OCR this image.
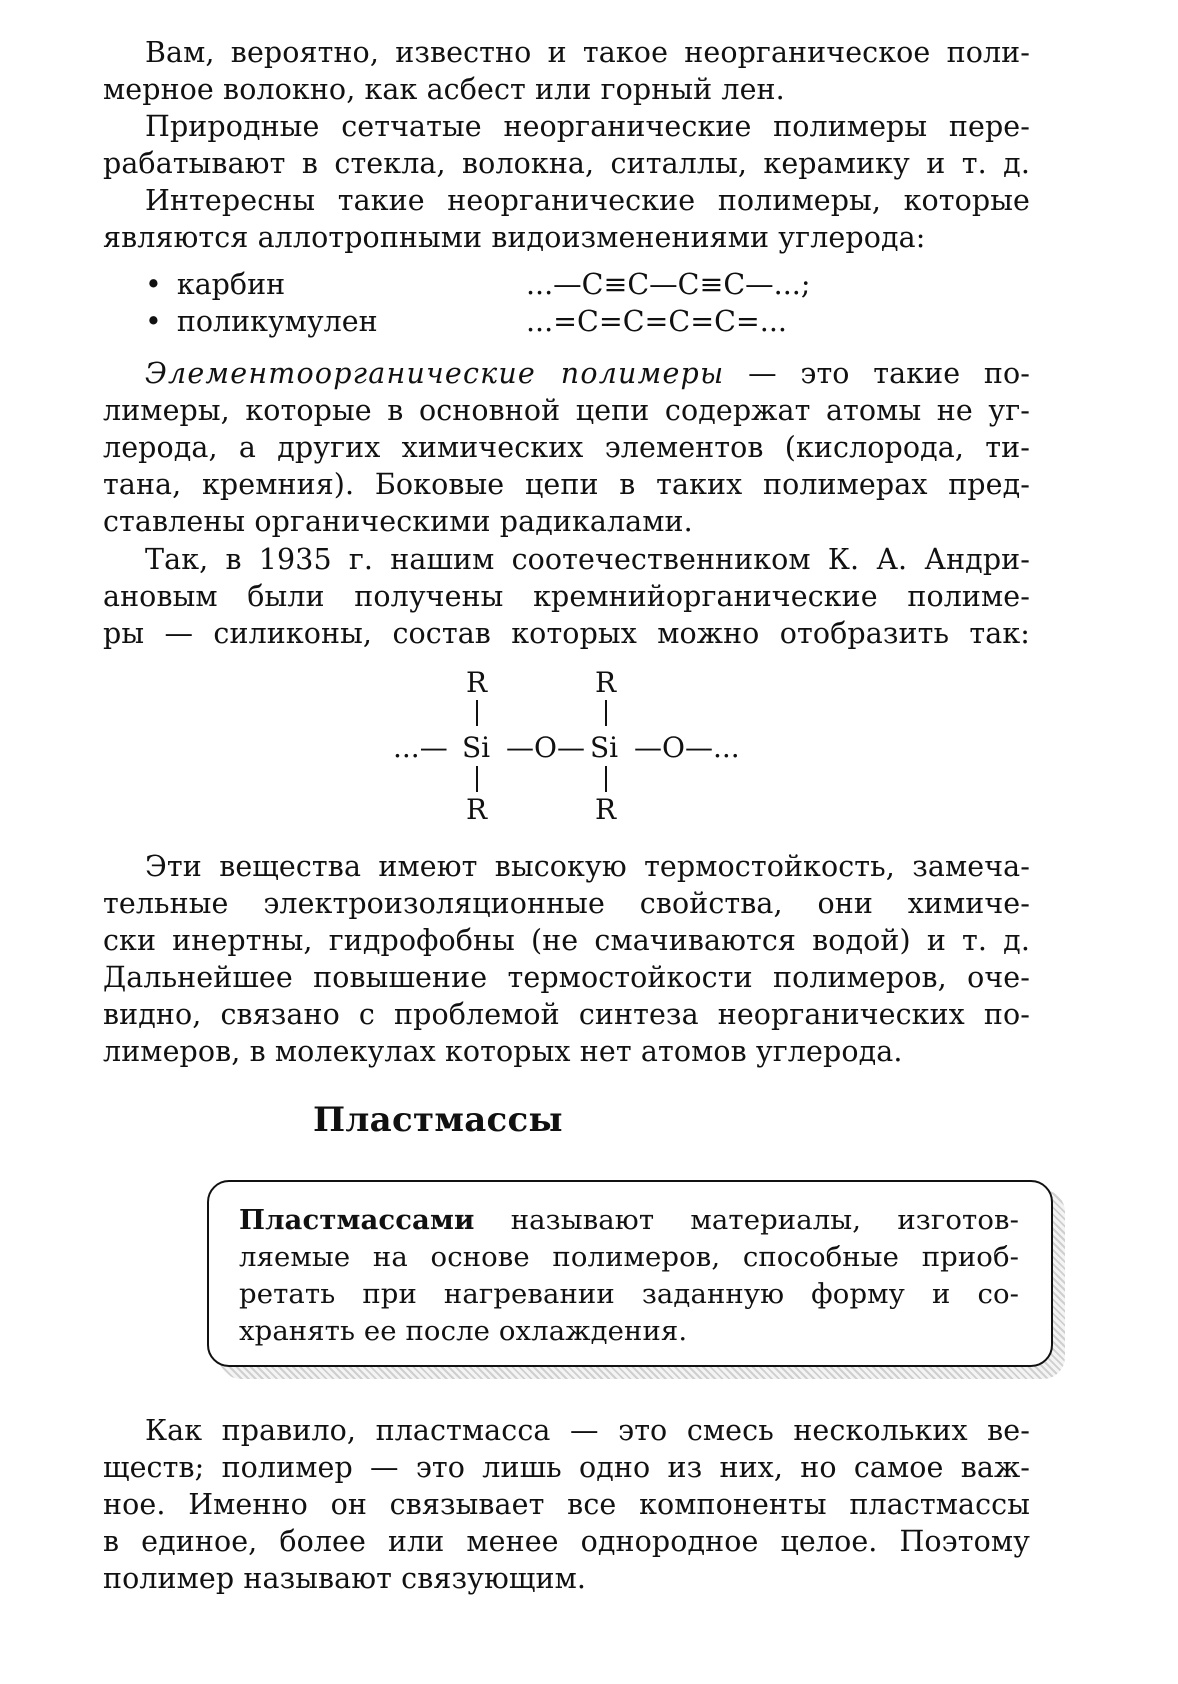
Вам, вероятно, известно и такое неорганическое поли-
мерное волокно, как асбест или горный лен.
Природные сетчатые неорганические полимеры пере-
рабатывают в стекла, волокна, ситаллы, керамику и т. д.
Интересны такие неорганические полимеры, которые
являются аллотропными видоизменениями углерода:
• карбин	...—C≡C—C≡C—...;
• поликумулен	...=C=C=C=C=...
Элементоорганические полимеры — это такие по-
лимеры, которые в основной цепи содержат атомы не уг-
лерода, а других химических элементов (кислорода, ти-
тана, кремния). Боковые цепи в таких полимерах пред-
ставлены органическими радикалами.
Так, в 1935 г. нашим соотечественником К. А. Андри-
ановым были получены кремнийорганические полиме-
ры — силиконы, состав которых можно отобразить так:
R	R
...— Si —O— Si —O—...
R	R
Эти вещества имеют высокую термостойкость, замеча-
тельные электроизоляционные свойства, они химиче-
ски инертны, гидрофобны (не смачиваются водой) и т. д.
Дальнейшее повышение термостойкости полимеров, оче-
видно, связано с проблемой синтеза неорганических по-
лимеров, в молекулах которых нет атомов углерода.
Пластмассы
Пластмассами называют материалы, изготов-
ляемые на основе полимеров, способные приоб-
ретать при нагревании заданную форму и со-
хранять ее после охлаждения.
Как правило, пластмасса — это смесь нескольких ве-
ществ; полимер — это лишь одно из них, но самое важ-
ное. Именно он связывает все компоненты пластмассы
в единое, более или менее однородное целое. Поэтому
полимер называют связующим.
